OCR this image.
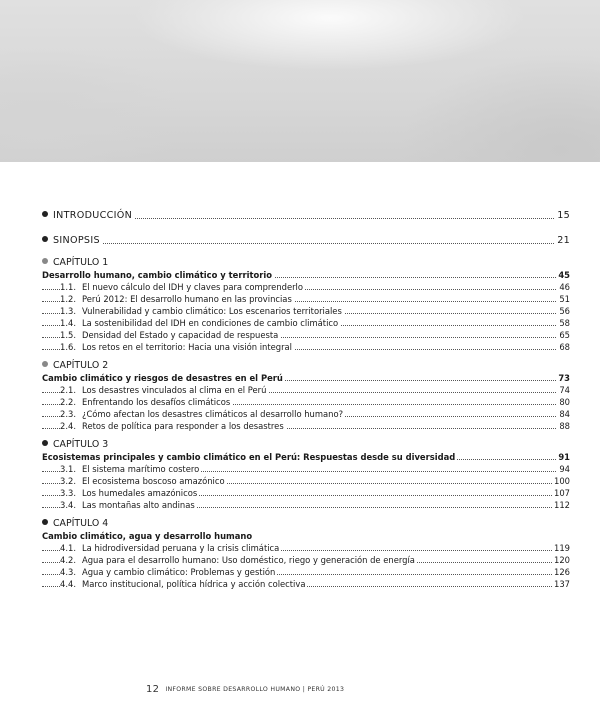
INTRODUCCIÓN	15
SINOPSIS	21
CAPÍTULO 1
Desarrollo humano, cambio climático y territorio	45
1.1. El nuevo cálculo del IDH y claves para comprenderlo	46
1.2. Perú 2012: El desarrollo humano en las provincias	51
1.3. Vulnerabilidad y cambio climático: Los escenarios territoriales	56
1.4. La sostenibilidad del IDH en condiciones de cambio climático	58
1.5. Densidad del Estado y capacidad de respuesta	65
1.6. Los retos en el territorio: Hacia una visión integral	68
CAPÍTULO 2
Cambio climático y riesgos de desastres en el Perú	73
2.1. Los desastres vinculados al clima en el Perú	74
2.2. Enfrentando los desafíos climáticos	80
2.3. ¿Cómo afectan los desastres climáticos al desarrollo humano?	84
2.4. Retos de política para responder a los desastres	88
CAPÍTULO 3
Ecosistemas principales y cambio climático en el Perú: Respuestas desde su diversidad	91
3.1. El sistema marítimo costero	94
3.2. El ecosistema boscoso amazónico	100
3.3. Los humedales amazónicos	107
3.4. Las montañas alto andinas	112
CAPÍTULO 4
Cambio climático, agua y desarrollo humano
4.1. La hidrodiversidad peruana y la crisis climática	119
4.2. Agua para el desarrollo humano: Uso doméstico, riego y generación de energía	120
4.3. Agua y cambio climático: Problemas y gestión	126
4.4. Marco institucional, política hídrica y acción colectiva	137
12 INFORME SOBRE DESARROLLO HUMANO | PERÚ 2013
